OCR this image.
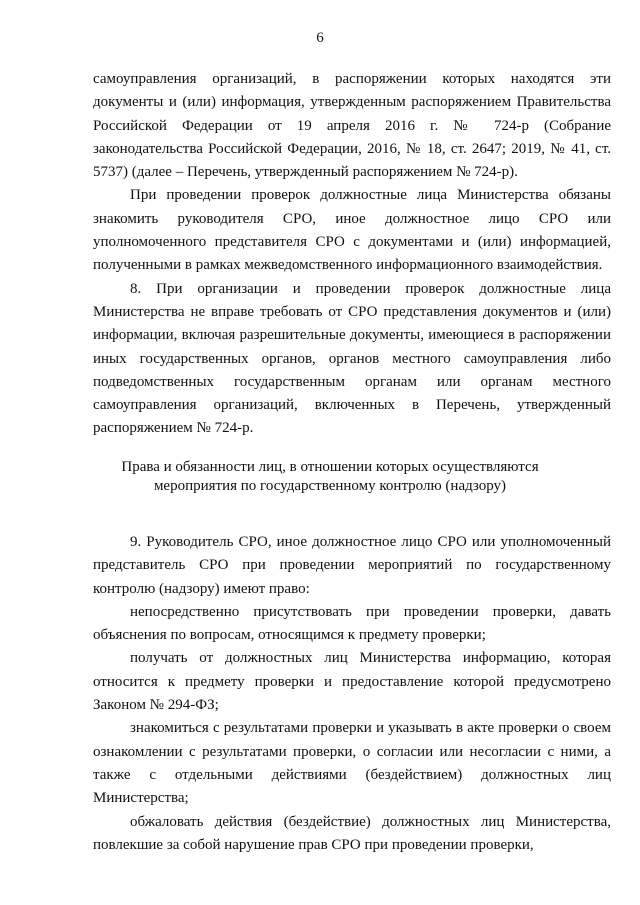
6

самоуправления организаций, в распоряжении которых находятся эти документы и (или) информация, утвержденным распоряжением Правительства Российской Федерации от 19 апреля 2016 г. № 724-р (Собрание законодательства Российской Федерации, 2016, № 18, ст. 2647; 2019, № 41, ст. 5737) (далее – Перечень, утвержденный распоряжением № 724-р).

При проведении проверок должностные лица Министерства обязаны знакомить руководителя СРО, иное должностное лицо СРО или уполномоченного представителя СРО с документами и (или) информацией, полученными в рамках межведомственного информационного взаимодействия.

8. При организации и проведении проверок должностные лица Министерства не вправе требовать от СРО представления документов и (или) информации, включая разрешительные документы, имеющиеся в распоряжении иных государственных органов, органов местного самоуправления либо подведомственных государственным органам или органам местного самоуправления организаций, включенных в Перечень, утвержденный распоряжением № 724-р.

Права и обязанности лиц, в отношении которых осуществляются мероприятия по государственному контролю (надзору)

9. Руководитель СРО, иное должностное лицо СРО или уполномоченный представитель СРО при проведении мероприятий по государственному контролю (надзору) имеют право:

непосредственно присутствовать при проведении проверки, давать объяснения по вопросам, относящимся к предмету проверки;

получать от должностных лиц Министерства информацию, которая относится к предмету проверки и предоставление которой предусмотрено Законом № 294-ФЗ;

знакомиться с результатами проверки и указывать в акте проверки о своем ознакомлении с результатами проверки, о согласии или несогласии с ними, а также с отдельными действиями (бездействием) должностных лиц Министерства;

обжаловать действия (бездействие) должностных лиц Министерства, повлекшие за собой нарушение прав СРО при проведении проверки,
